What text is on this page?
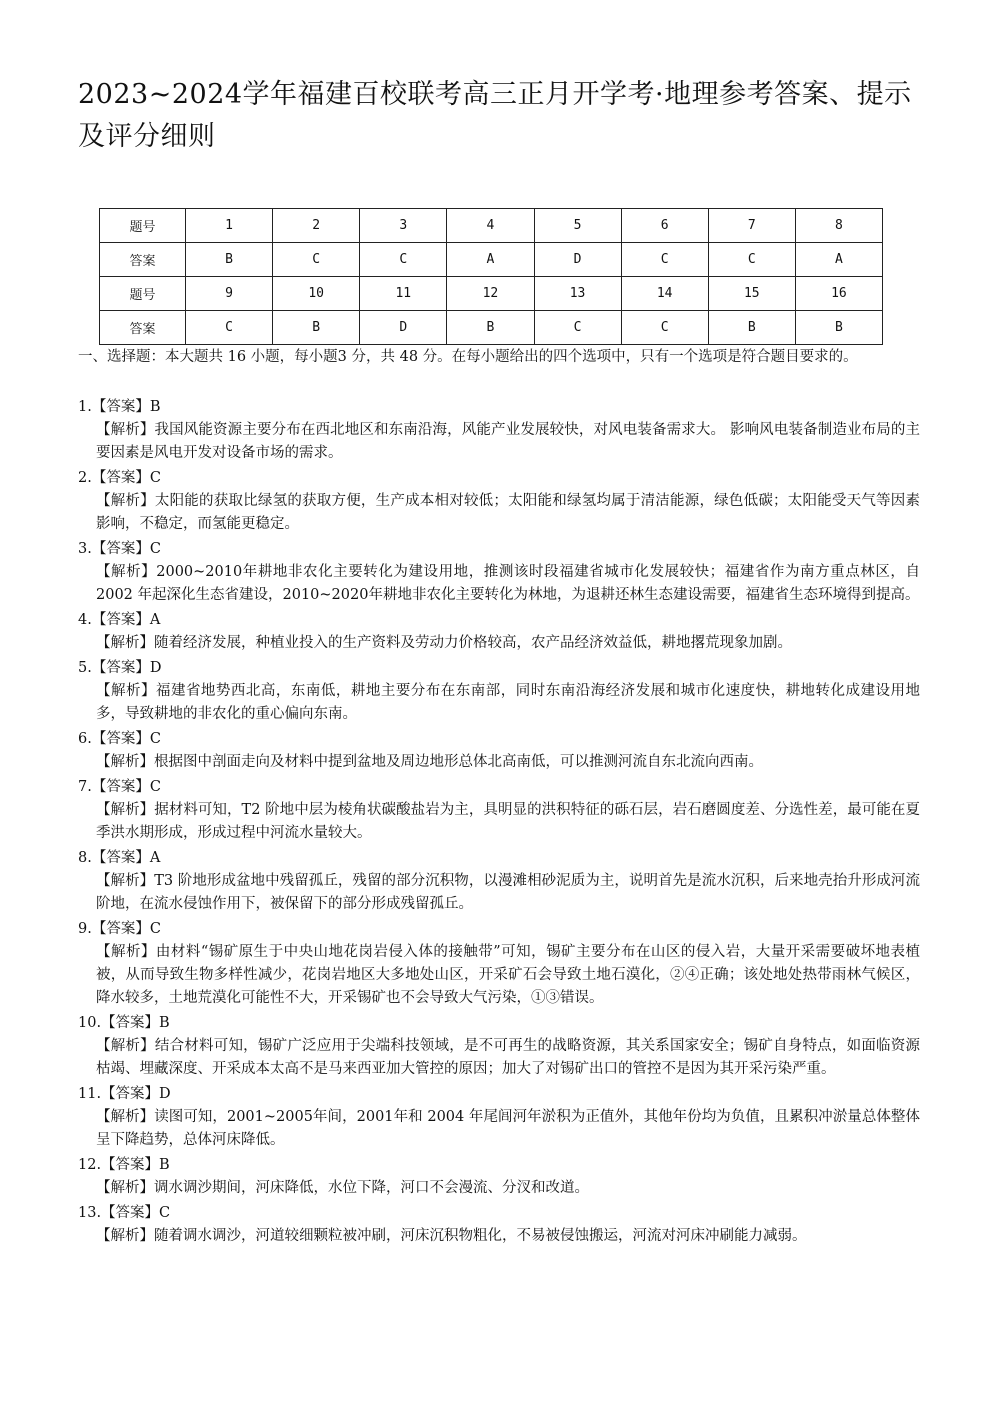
2023~2024学年福建百校联考高三正月开学考·地理参考答案、提示及评分细则
题号	1	2	3	4	5	6	7	8
答案	B	C	C	A	D	C	C	A
题号	9	10	11	12	13	14	15	16
答案	C	B	D	B	C	C	B	B
一、选择题：本大题共 16 小题，每小题3 分，共 48 分。在每小题给出的四个选项中，只有一个选项是符合题目要求的。
1.【答案】B
【解析】我国风能资源主要分布在西北地区和东南沿海，风能产业发展较快，对风电装备需求大。 影响风电装备制造业布局的主要因素是风电开发对设备市场的需求。
2.【答案】C
【解析】太阳能的获取比绿氢的获取方便，生产成本相对较低；太阳能和绿氢均属于清洁能源，绿色低碳；太阳能受天气等因素影响，不稳定，而氢能更稳定。
3.【答案】C
【解析】2000~2010年耕地非农化主要转化为建设用地，推测该时段福建省城市化发展较快；福建省作为南方重点林区，自2002 年起深化生态省建设，2010~2020年耕地非农化主要转化为林地，为退耕还林生态建设需要，福建省生态环境得到提高。
4.【答案】A
【解析】随着经济发展，种植业投入的生产资料及劳动力价格较高，农产品经济效益低，耕地撂荒现象加剧。
5.【答案】D
【解析】福建省地势西北高，东南低，耕地主要分布在东南部，同时东南沿海经济发展和城市化速度快，耕地转化成建设用地多，导致耕地的非农化的重心偏向东南。
6.【答案】C
【解析】根据图中剖面走向及材料中提到盆地及周边地形总体北高南低，可以推测河流自东北流向西南。
7.【答案】C
【解析】据材料可知，T2 阶地中层为棱角状碳酸盐岩为主，具明显的洪积特征的砾石层，岩石磨圆度差、分选性差，最可能在夏季洪水期形成，形成过程中河流水量较大。
8.【答案】A
【解析】T3 阶地形成盆地中残留孤丘，残留的部分沉积物，以漫滩相砂泥质为主，说明首先是流水沉积，后来地壳抬升形成河流阶地，在流水侵蚀作用下，被保留下的部分形成残留孤丘。
9.【答案】C
【解析】由材料“锡矿原生于中央山地花岗岩侵入体的接触带”可知，锡矿主要分布在山区的侵入岩，大量开采需要破坏地表植被，从而导致生物多样性减少，花岗岩地区大多地处山区，开采矿石会导致土地石漠化，②④正确；该处地处热带雨林气候区，降水较多，土地荒漠化可能性不大，开采锡矿也不会导致大气污染，①③错误。
10.【答案】B
【解析】结合材料可知，锡矿广泛应用于尖端科技领域，是不可再生的战略资源，其关系国家安全；锡矿自身特点，如面临资源枯竭、埋藏深度、开采成本太高不是马来西亚加大管控的原因；加大了对锡矿出口的管控不是因为其开采污染严重。
11.【答案】D
【解析】读图可知，2001~2005年间，2001年和 2004 年尾闾河年淤积为正值外，其他年份均为负值，且累积冲淤量总体整体呈下降趋势，总体河床降低。
12.【答案】B
【解析】调水调沙期间，河床降低，水位下降，河口不会漫流、分汊和改道。
13.【答案】C
【解析】随着调水调沙，河道较细颗粒被冲刷，河床沉积物粗化，不易被侵蚀搬运，河流对河床冲刷能力减弱。
